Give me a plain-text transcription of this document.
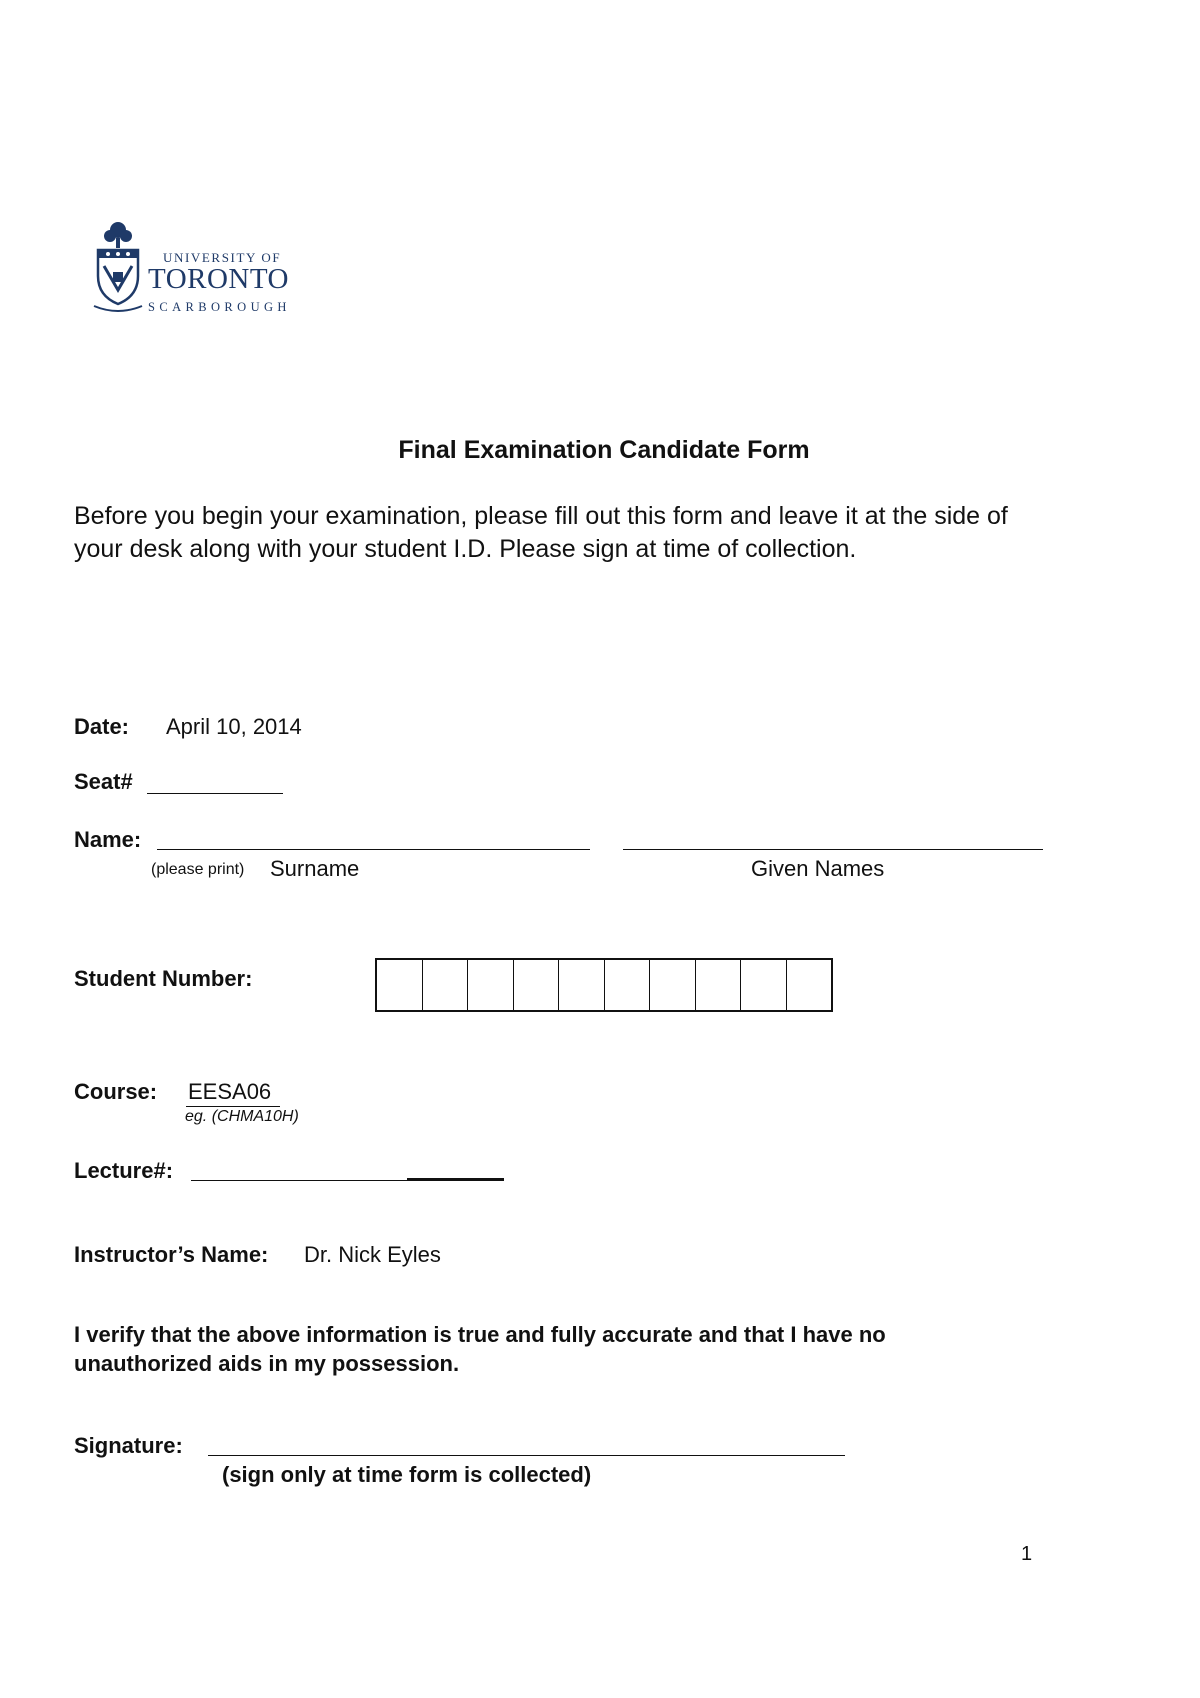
UNIVERSITY OF
TORONTO
SCARBOROUGH
Final Examination Candidate Form
Before you begin your examination, please fill out this form and leave it at the side of your desk along with your student I.D. Please sign at time of collection.
Date: April 10, 2014
Seat#
Name:
(please print) Surname	Given Names
Student Number:
Course: EESA06
eg. (CHMA10H)
Lecture#:
Instructor’s Name: Dr. Nick Eyles
I verify that the above information is true and fully accurate and that I have no unauthorized aids in my possession.
Signature:
(sign only at time form is collected)
1
